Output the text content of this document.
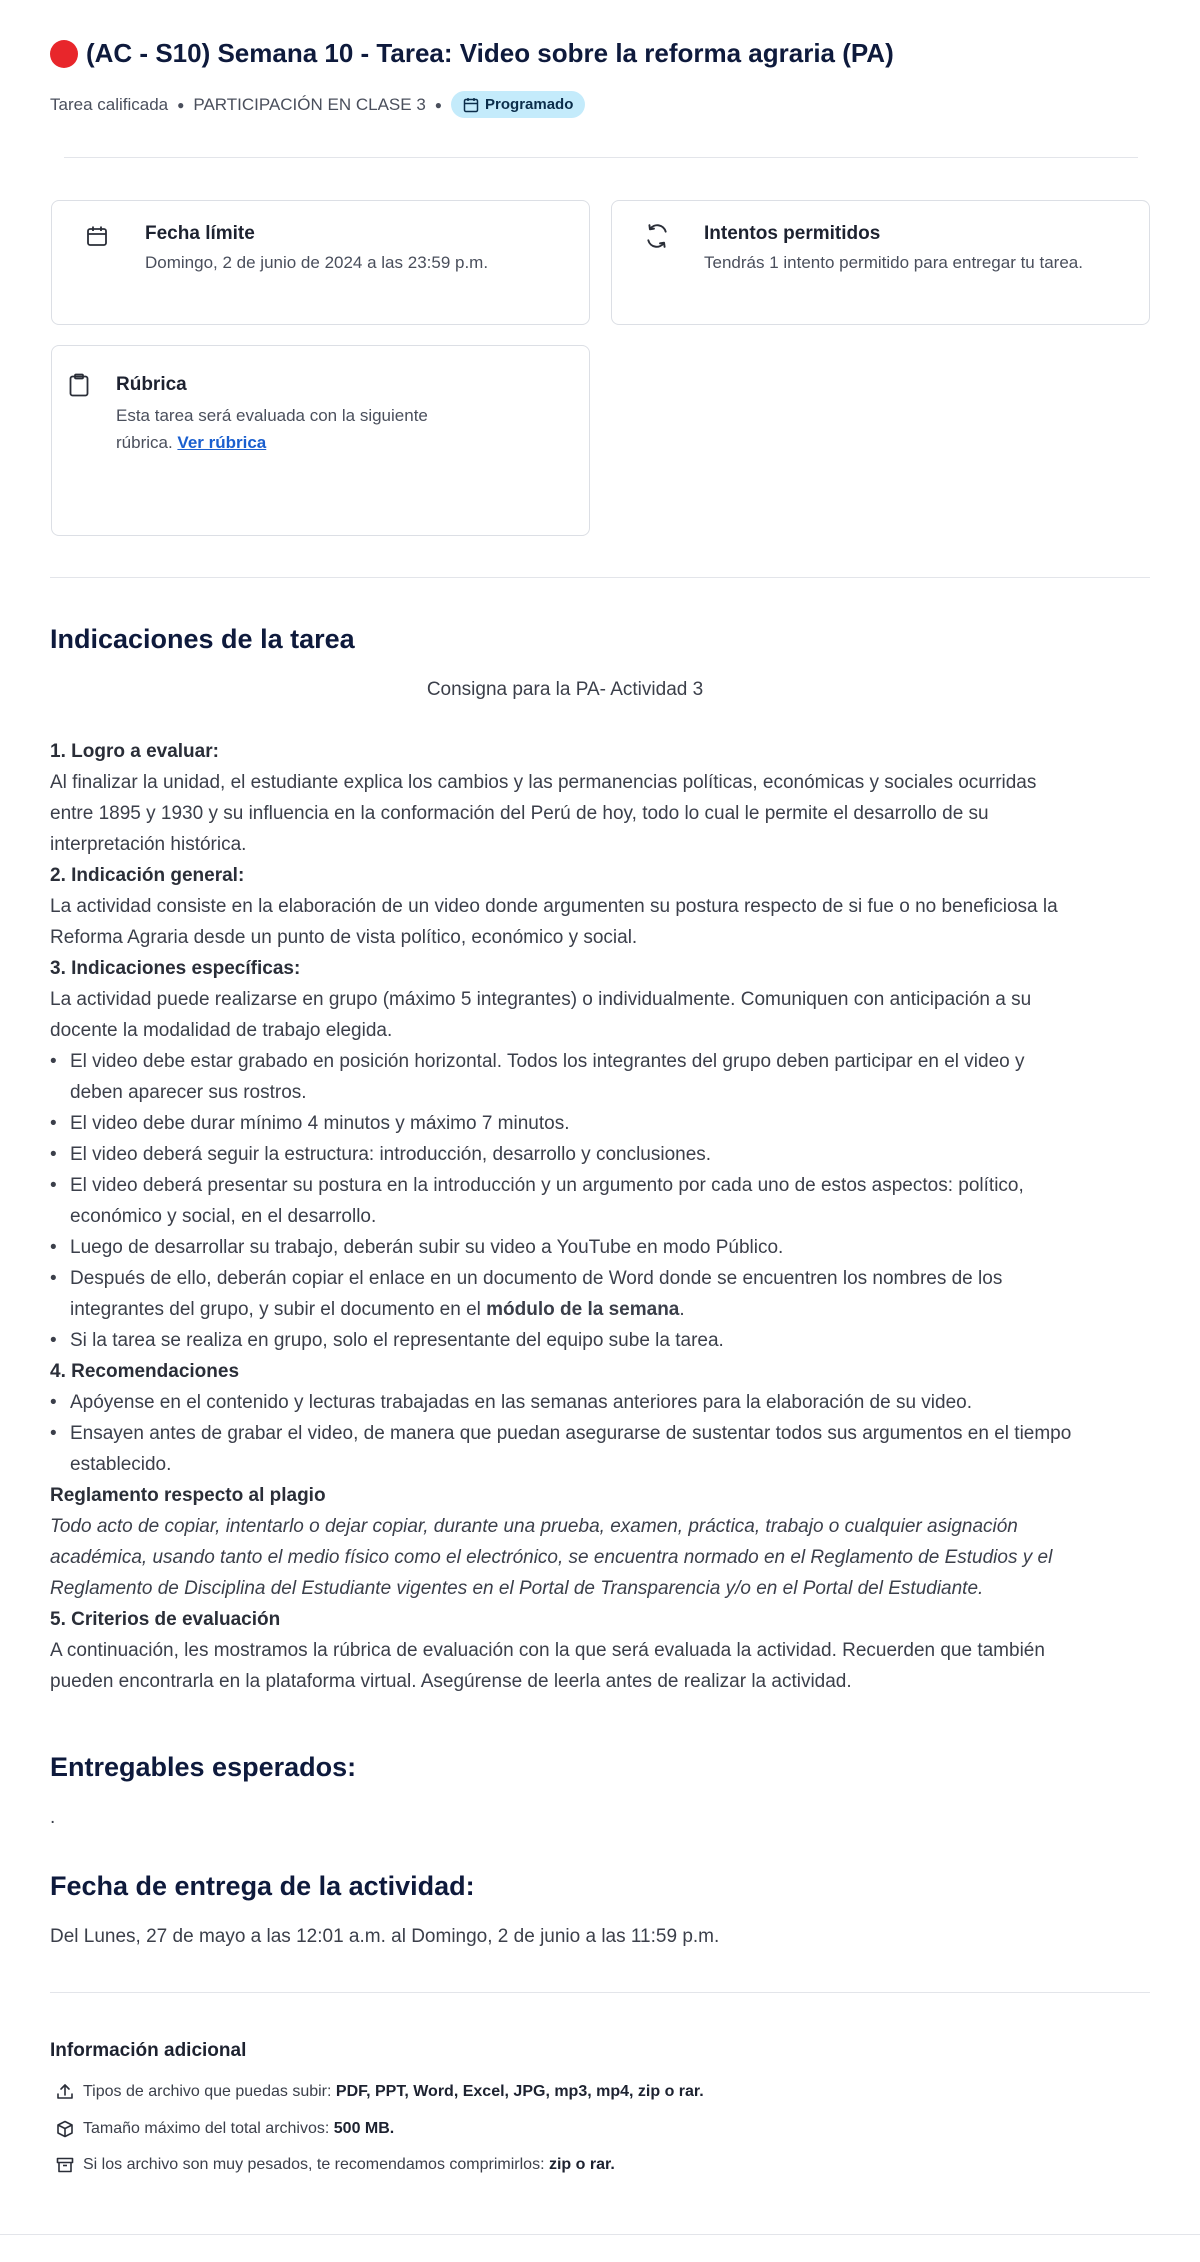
(AC - S10) Semana 10 - Tarea: Video sobre la reforma agraria (PA)
Tarea calificada ● PARTICIPACIÓN EN CLASE 3 ●	Programado
Fecha límite
Domingo, 2 de junio de 2024 a las 23:59 p.m.
Intentos permitidos
Tendrás 1 intento permitido para entregar tu tarea.
Rúbrica
Esta tarea será evaluada con la siguiente
rúbrica. Ver rúbrica
Indicaciones de la tarea

Consigna para la PA- Actividad 3

1. Logro a evaluar:

Al finalizar la unidad, el estudiante explica los cambios y las permanencias políticas, económicas y sociales ocurridas entre 1895 y 1930 y su influencia en la conformación del Perú de hoy, todo lo cual le permite el desarrollo de su interpretación histórica.

2. Indicación general:

La actividad consiste en la elaboración de un video donde argumenten su postura respecto de si fue o no beneficiosa la Reforma Agraria desde un punto de vista político, económico y social.

3. Indicaciones específicas:

La actividad puede realizarse en grupo (máximo 5 integrantes) o individualmente. Comuniquen con anticipación a su docente la modalidad de trabajo elegida.

• El video debe estar grabado en posición horizontal. Todos los integrantes del grupo deben participar en el video y deben aparecer sus rostros.
• El video debe durar mínimo 4 minutos y máximo 7 minutos.
• El video deberá seguir la estructura: introducción, desarrollo y conclusiones.
• El video deberá presentar su postura en la introducción y un argumento por cada uno de estos aspectos: político, económico y social, en el desarrollo.
• Luego de desarrollar su trabajo, deberán subir su video a YouTube en modo Público.
• Después de ello, deberán copiar el enlace en un documento de Word donde se encuentren los nombres de los integrantes del grupo, y subir el documento en el módulo de la semana.
• Si la tarea se realiza en grupo, solo el representante del equipo sube la tarea.

4. Recomendaciones

• Apóyense en el contenido y lecturas trabajadas en las semanas anteriores para la elaboración de su video.
• Ensayen antes de grabar el video, de manera que puedan asegurarse de sustentar todos sus argumentos en el tiempo establecido.

Reglamento respecto al plagio

Todo acto de copiar, intentarlo o dejar copiar, durante una prueba, examen, práctica, trabajo o cualquier asignación académica, usando tanto el medio físico como el electrónico, se encuentra normado en el Reglamento de Estudios y el Reglamento de Disciplina del Estudiante vigentes en el Portal de Transparencia y/o en el Portal del Estudiante.

5. Criterios de evaluación

A continuación, les mostramos la rúbrica de evaluación con la que será evaluada la actividad. Recuerden que también pueden encontrarla en la plataforma virtual. Asegúrense de leerla antes de realizar la actividad.

Entregables esperados:
.
Fecha de entrega de la actividad:
Del Lunes, 27 de mayo a las 12:01 a.m. al Domingo, 2 de junio a las 11:59 p.m.
Información adicional
Tipos de archivo que puedas subir: PDF, PPT, Word, Excel, JPG, mp3, mp4, zip o rar.
Tamaño máximo del total archivos: 500 MB.
Si los archivo son muy pesados, te recomendamos comprimirlos: zip o rar.
